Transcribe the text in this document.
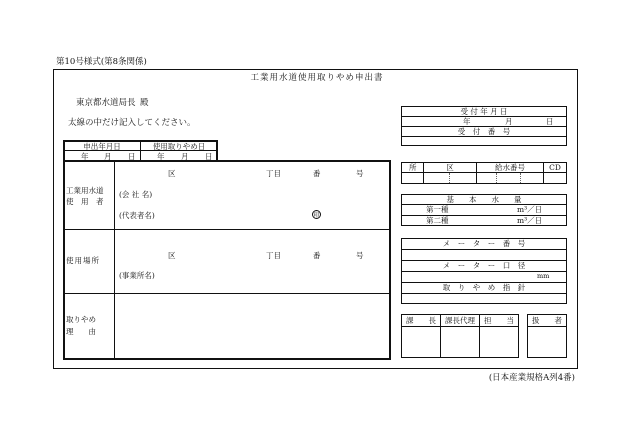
第10号様式(第8条関係)
工業用水道使用取りやめ申出書
東京都水道局長 殿
太線の中だけ記入してください。
申出年月日	使用取りやめ日
年 月 日	年 月 日
工業用水道
使　用　者
区	丁目	番	号
(会 社 名)
(代表者名)	印
使用場所
区	丁目	番	号
(事業所名)
取りやめ
理　　由
受 付 年 月 日
年	月	日
受　付　番　号
所	区	給水番号	CD
基　　本　　水　　量
第一種	m³／日
第二種	m³／日
メ　ー　タ　ー　番　号
メ　ー　タ　ー　口　径
mm
取　り　や　め　指　針
課　　長 課長代理 担　　当 扱　　者
(日本産業規格A列4番)
